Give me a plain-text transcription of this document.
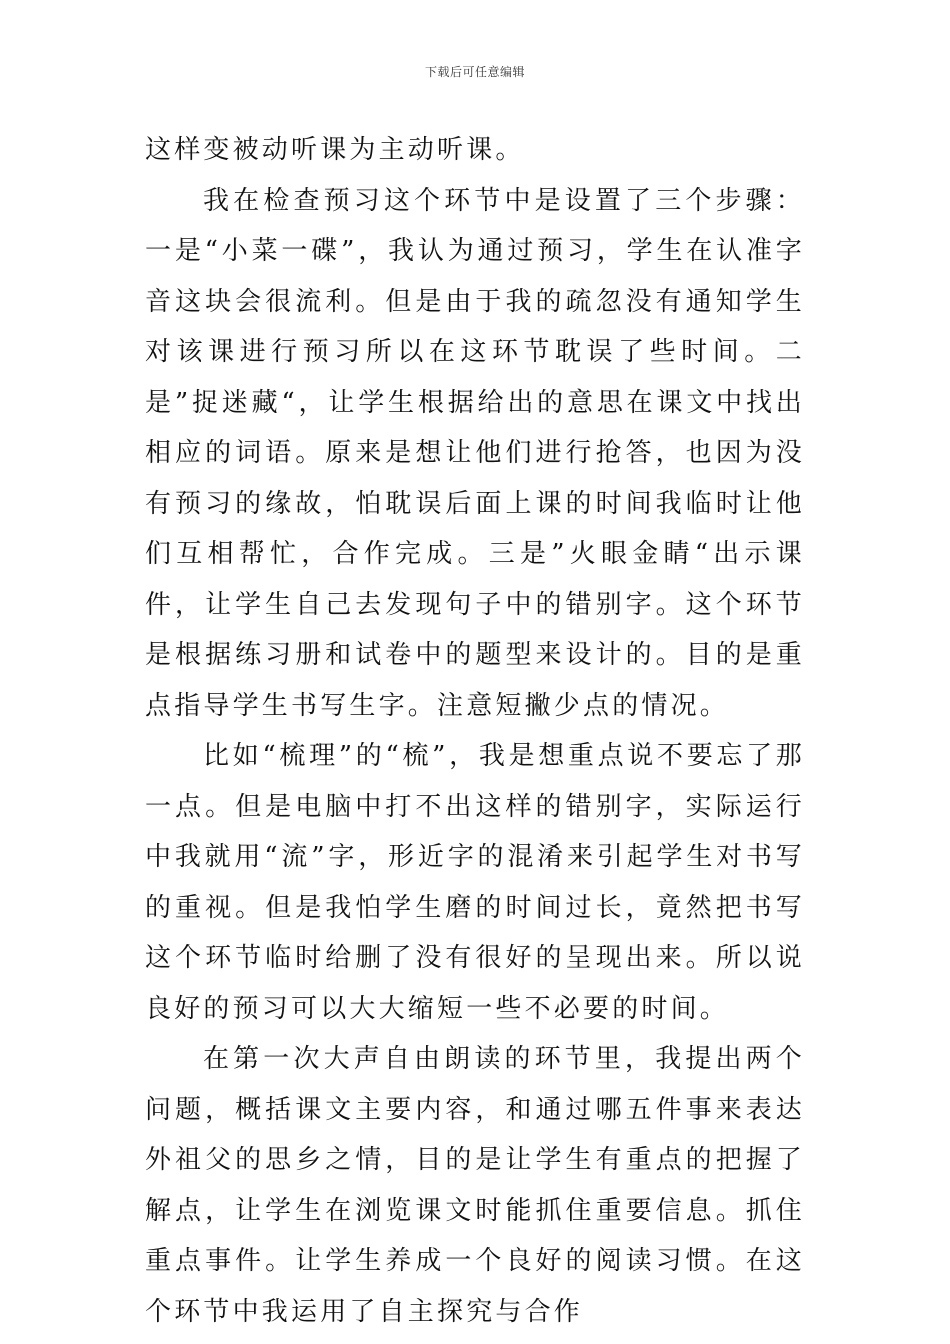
下载后可任意编辑

这样变被动听课为主动听课。

我在检查预习这个环节中是设置了三个步骤：一是“小菜一碟”，我认为通过预习，学生在认准字音这块会很流利。但是由于我的疏忽没有通知学生对该课进行预习所以在这环节耽误了些时间。二是”捉迷藏“，让学生根据给出的意思在课文中找出相应的词语。原来是想让他们进行抢答，也因为没有预习的缘故，怕耽误后面上课的时间我临时让他们互相帮忙，合作完成。三是”火眼金睛“出示课件，让学生自己去发现句子中的错别字。这个环节是根据练习册和试卷中的题型来设计的。目的是重点指导学生书写生字。注意短撇少点的情况。

比如“梳理”的“梳”，我是想重点说不要忘了那一点。但是电脑中打不出这样的错别字，实际运行中我就用“流”字，形近字的混淆来引起学生对书写的重视。但是我怕学生磨的时间过长，竟然把书写这个环节临时给删了没有很好的呈现出来。所以说良好的预习可以大大缩短一些不必要的时间。

在第一次大声自由朗读的环节里，我提出两个问题，概括课文主要内容，和通过哪五件事来表达外祖父的思乡之情，目的是让学生有重点的把握了解点，让学生在浏览课文时能抓住重要信息。抓住重点事件。让学生养成一个良好的阅读习惯。在这个环节中我运用了自主探究与合作
